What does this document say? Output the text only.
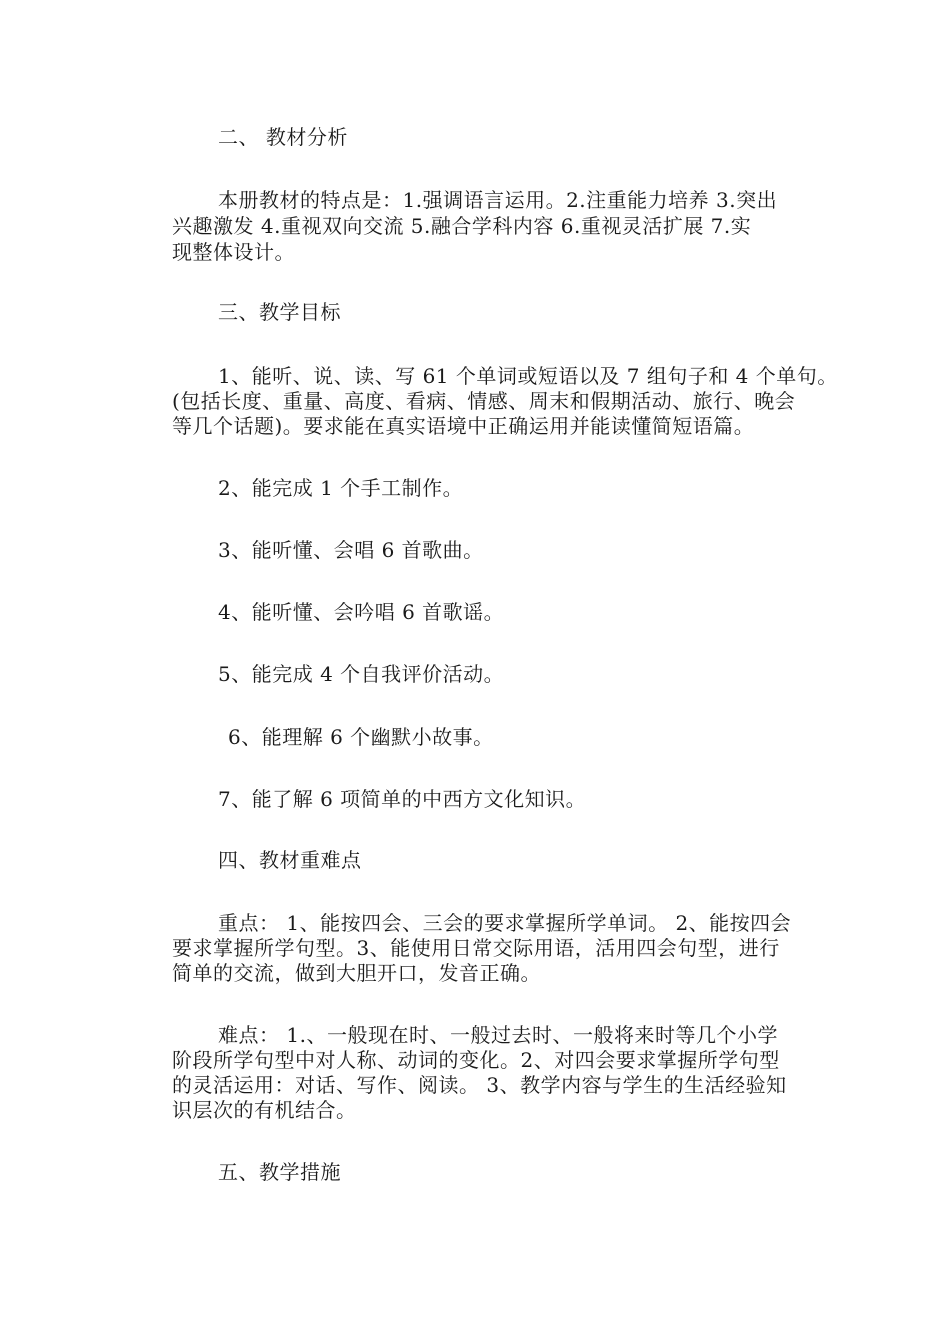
二、 教材分析
本册教材的特点是：1.强调语言运用。2.注重能力培养 3.突出
兴趣激发 4.重视双向交流 5.融合学科内容 6.重视灵活扩展 7.实
现整体设计。
三、教学目标
1、能听、说、读、写 61 个单词或短语以及 7 组句子和 4 个单句。
(包括长度、重量、高度、看病、情感、周末和假期活动、旅行、晚会
等几个话题)。要求能在真实语境中正确运用并能读懂简短语篇。
2、能完成 1 个手工制作。
3、能听懂、会唱 6 首歌曲。
4、能听懂、会吟唱 6 首歌谣。
5、能完成 4 个自我评价活动。
6、能理解 6 个幽默小故事。
7、能了解 6 项简单的中西方文化知识。
四、教材重难点
重点： 1、能按四会、三会的要求掌握所学单词。 2、能按四会
要求掌握所学句型。3、能使用日常交际用语，活用四会句型，进行
简单的交流，做到大胆开口，发音正确。
难点： 1.、一般现在时、一般过去时、一般将来时等几个小学
阶段所学句型中对人称、动词的变化。2、对四会要求掌握所学句型
的灵活运用：对话、写作、阅读。 3、教学内容与学生的生活经验知
识层次的有机结合。
五、教学措施
